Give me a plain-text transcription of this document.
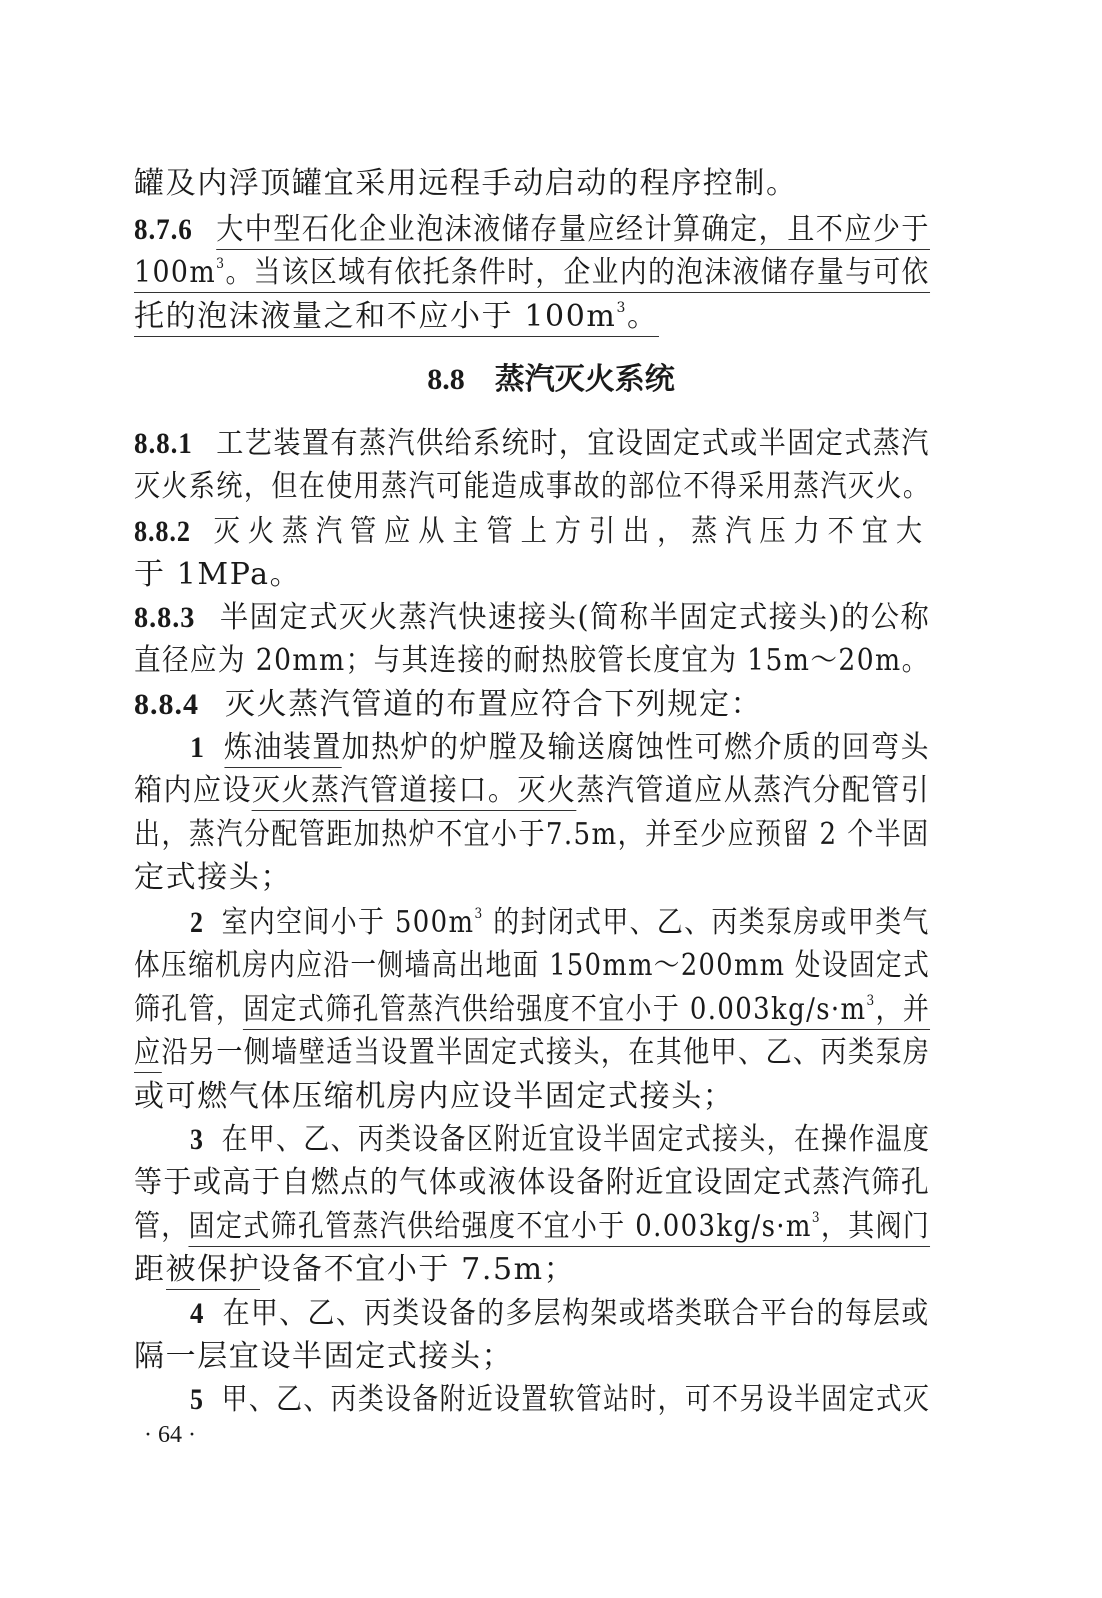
罐及内浮顶罐宜采用远程手动启动的程序控制。
8.7.6 大中型石化企业泡沫液储存量应经计算确定，且不应少于
$100m^3$。当该区域有依托条件时，企业内的泡沫液储存量与可依
托的泡沫液量之和不应小于 $100m^3$。
8.8 蒸汽灭火系统
8.8.1 工艺装置有蒸汽供给系统时，宜设固定式或半固定式蒸汽
灭火系统，但在使用蒸汽可能造成事故的部位不得采用蒸汽灭火。
8.8.2 灭火蒸汽管应从主管上方引出，蒸汽压力不宜大
于 1MPa。
8.8.3 半固定式灭火蒸汽快速接头(简称半固定式接头)的公称
直径应为 20mm；与其连接的耐热胶管长度宜为 15m～20m。
8.8.4 灭火蒸汽管道的布置应符合下列规定：
1 炼油装置加热炉的炉膛及输送腐蚀性可燃介质的回弯头
箱内应设灭火蒸汽管道接口。灭火蒸汽管道应从蒸汽分配管引
出，蒸汽分配管距加热炉不宜小于7.5m，并至少应预留 2 个半固
定式接头；
2 室内空间小于 $500m^3$ 的封闭式甲、乙、丙类泵房或甲类气
体压缩机房内应沿一侧墙高出地面 150mm～200mm 处设固定式
筛孔管，固定式筛孔管蒸汽供给强度不宜小于 $0.003kg/s\cdot m^3$，并
应沿另一侧墙壁适当设置半固定式接头，在其他甲、乙、丙类泵房
或可燃气体压缩机房内应设半固定式接头；
3 在甲、乙、丙类设备区附近宜设半固定式接头，在操作温度
等于或高于自燃点的气体或液体设备附近宜设固定式蒸汽筛孔
管，固定式筛孔管蒸汽供给强度不宜小于 $0.003kg/s\cdot m^3$，其阀门
距被保护设备不宜小于 7.5m；
4 在甲、乙、丙类设备的多层构架或塔类联合平台的每层或
隔一层宜设半固定式接头；
5 甲、乙、丙类设备附近设置软管站时，可不另设半固定式灭
· 64 ·
